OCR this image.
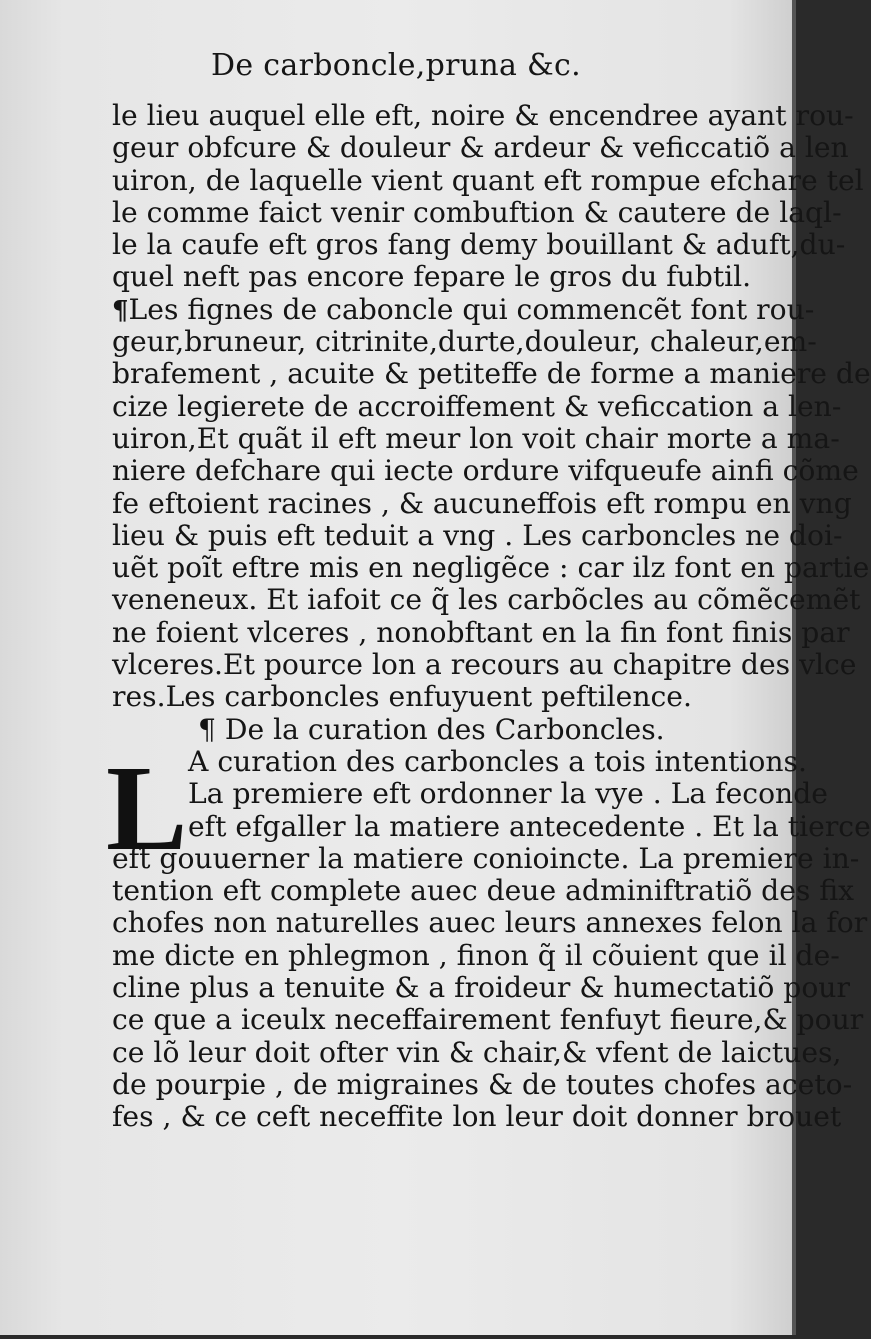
De carboncle,pruna &c.
le lieu auquel elle eft, noire & encendree ayant rou-
geur obfcure & douleur & ardeur & veficcatiõ a len
uiron, de laquelle vient quant eft rompue efchare tel
le comme faict venir combuftion & cautere de laql-
le la caufe eft gros fang demy bouillant & aduft,du-
quel neft pas encore fepare le gros du fubtil.
¶Les fignes de caboncle qui commencẽt font rou-
geur,bruneur, citrinite,durte,douleur, chaleur,em-
brafement , acuite & petiteffe de forme a maniere de
cize legierete de accroiffement & veficcation a len-
uiron,Et quãt il eft meur lon voit chair morte a ma-
niere defchare qui iecte ordure vifqueufe ainfi cõme
fe eftoient racines , & aucuneffois eft rompu en vng
lieu & puis eft teduit a vng . Les carboncles ne doi-
uẽt poĩt eftre mis en negligẽce : car ilz font en partie
veneneux. Et iafoit ce q̃ les carbõcles au cõmẽcemẽt
ne foient vlceres , nonobftant en la fin font finis par
vlceres.Et pource lon a recours au chapitre des vlce
res.Les carboncles enfuyuent peftilence.
¶ De la curation des Carboncles.
L A curation des carboncles a tois intentions.
La premiere eft ordonner la vye . La feconde
eft efgaller la matiere antecedente . Et la tierce
eft gouuerner la matiere conioincte. La premiere in-
tention eft complete auec deue adminiftratiõ des fix
chofes non naturelles auec leurs annexes felon la for
me dicte en phlegmon , finon q̃ il cõuient que il de-
cline plus a tenuite & a froideur & humectatiõ pour
ce que a iceulx neceffairement fenfuyt fieure,& pour
ce lõ leur doit ofter vin & chair,& vfent de laictues,
de pourpie , de migraines & de toutes chofes aceto-
fes , & ce ceft neceffite lon leur doit donner brouet
